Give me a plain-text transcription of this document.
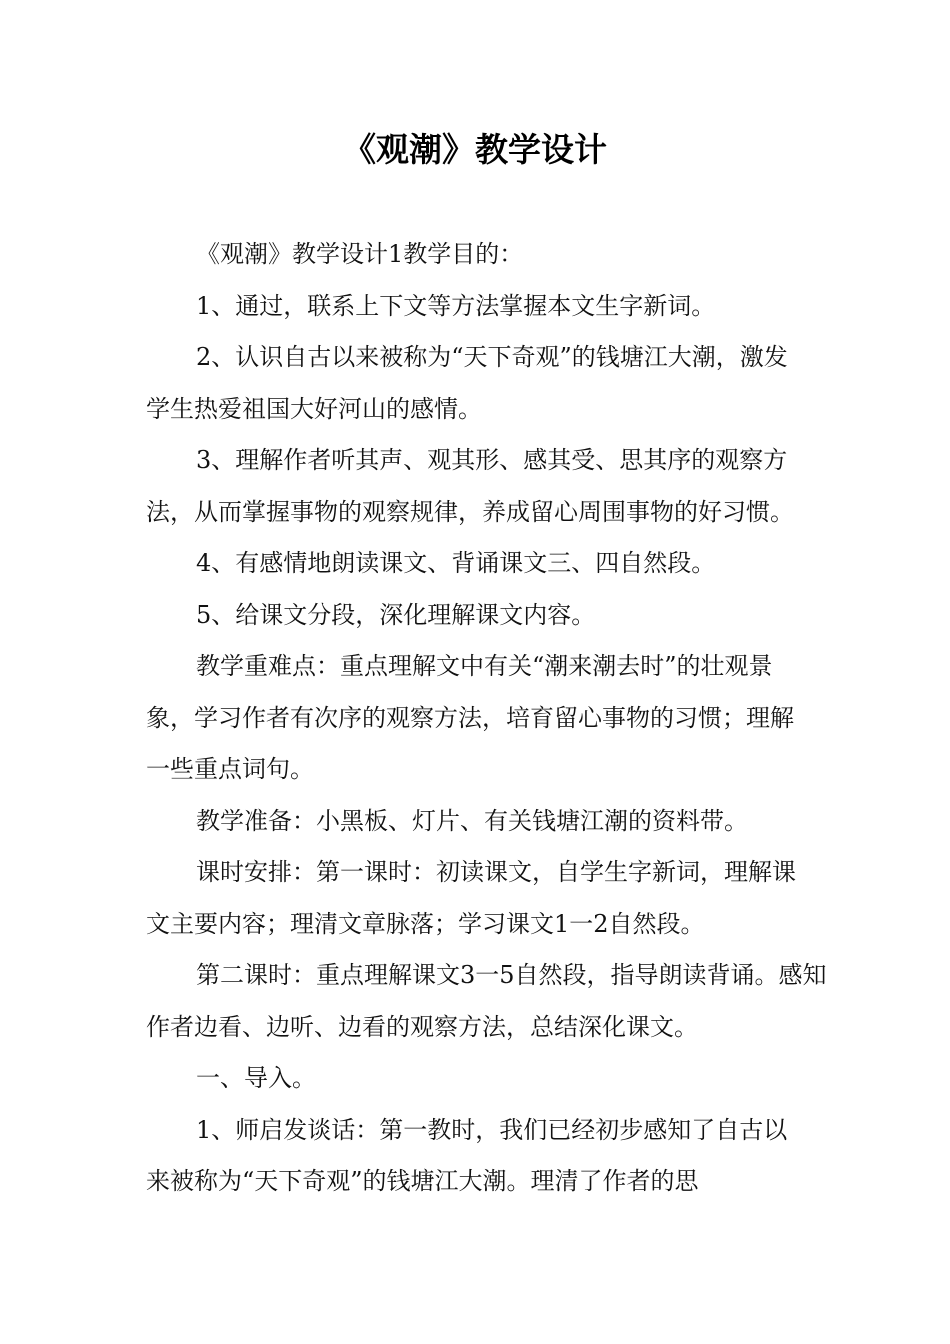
《观潮》教学设计

《观潮》教学设计1教学目的：

1、通过，联系上下文等方法掌握本文生字新词。

2、认识自古以来被称为“天下奇观”的钱塘江大潮，激发学生热爱祖国大好河山的感情。

3、理解作者听其声、观其形、感其受、思其序的观察方法，从而掌握事物的观察规律，养成留心周围事物的好习惯。

4、有感情地朗读课文、背诵课文三、四自然段。

5、给课文分段，深化理解课文内容。

教学重难点：重点理解文中有关“潮来潮去时”的壮观景象，学习作者有次序的观察方法，培育留心事物的习惯；理解一些重点词句。

教学准备：小黑板、灯片、有关钱塘江潮的资料带。

课时安排：第一课时：初读课文，自学生字新词，理解课文主要内容；理清文章脉落；学习课文1一2自然段。

第二课时：重点理解课文3一5自然段，指导朗读背诵。感知作者边看、边听、边看的观察方法，总结深化课文。

一、导入。

1、师启发谈话：第一教时，我们已经初步感知了自古以来被称为“天下奇观”的钱塘江大潮。理清了作者的思
